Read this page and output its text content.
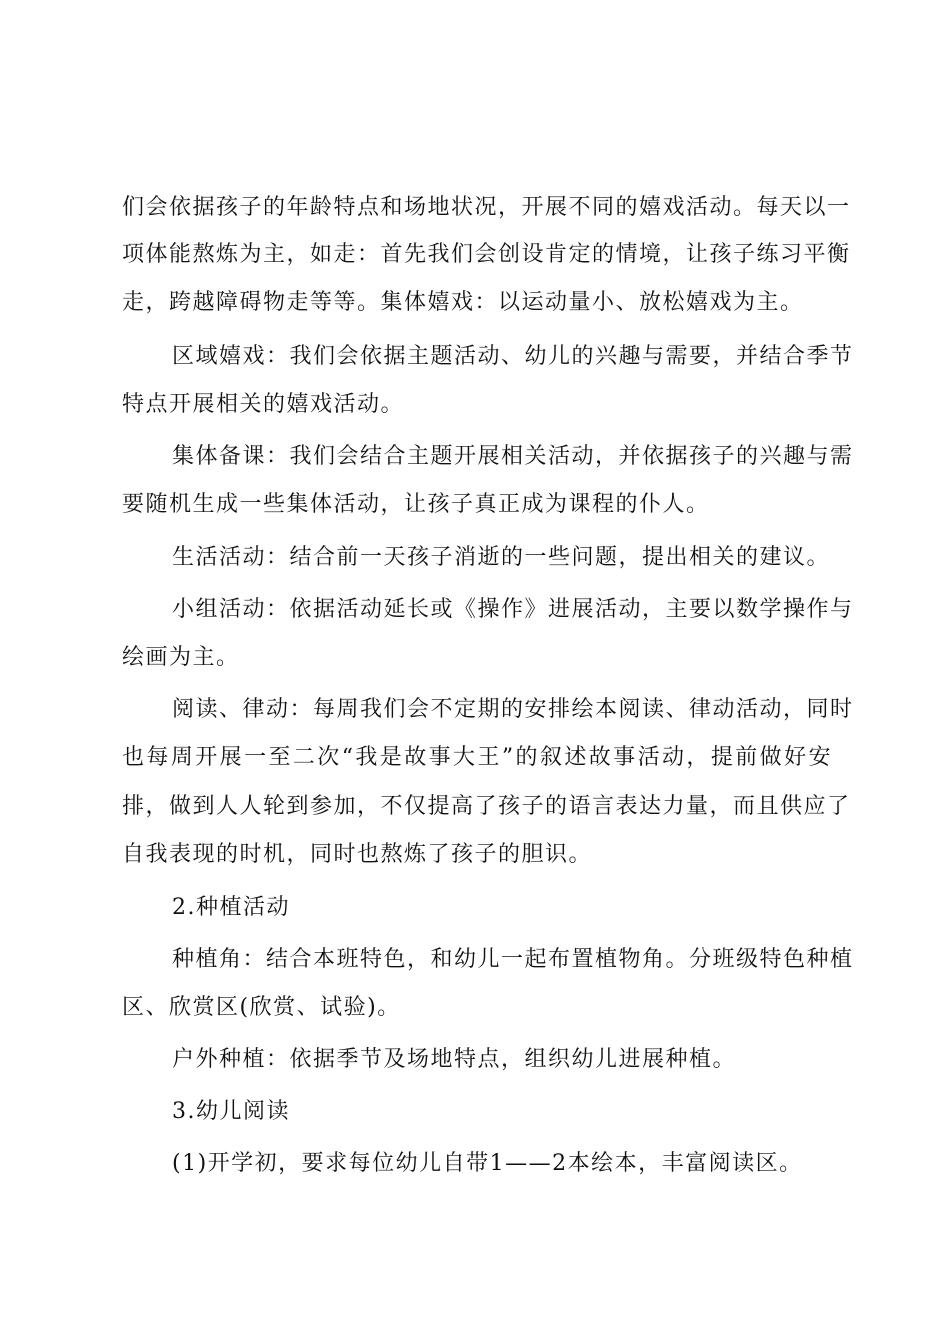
们会依据孩子的年龄特点和场地状况，开展不同的嬉戏活动。每天以一
项体能熬炼为主，如走：首先我们会创设肯定的情境，让孩子练习平衡
走，跨越障碍物走等等。集体嬉戏：以运动量小、放松嬉戏为主。
区域嬉戏：我们会依据主题活动、幼儿的兴趣与需要，并结合季节
特点开展相关的嬉戏活动。
集体备课：我们会结合主题开展相关活动，并依据孩子的兴趣与需
要随机生成一些集体活动，让孩子真正成为课程的仆人。
生活活动：结合前一天孩子消逝的一些问题，提出相关的建议。
小组活动：依据活动延长或《操作》进展活动，主要以数学操作与
绘画为主。
阅读、律动：每周我们会不定期的安排绘本阅读、律动活动，同时
也每周开展一至二次“我是故事大王”的叙述故事活动，提前做好安
排，做到人人轮到参加，不仅提高了孩子的语言表达力量，而且供应了
自我表现的时机，同时也熬炼了孩子的胆识。
2.种植活动
种植角：结合本班特色，和幼儿一起布置植物角。分班级特色种植
区、欣赏区(欣赏、试验)。
户外种植：依据季节及场地特点，组织幼儿进展种植。
3.幼儿阅读
(1)开学初，要求每位幼儿自带1——2本绘本，丰富阅读区。
